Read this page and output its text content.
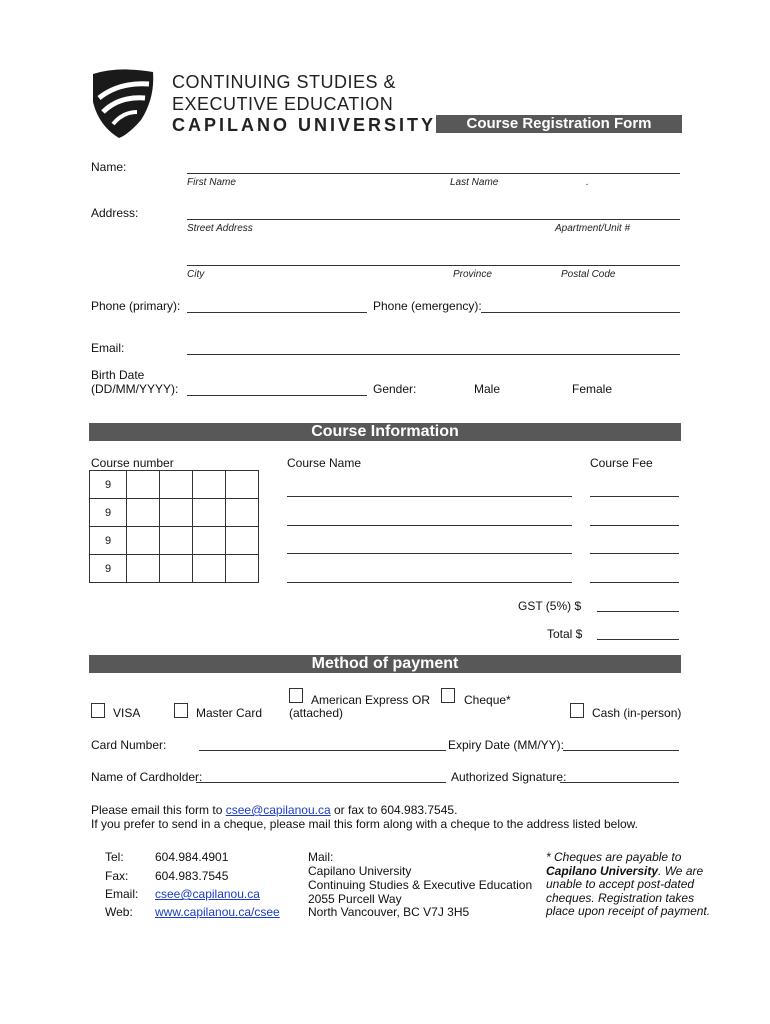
CONTINUING STUDIES &
EXECUTIVE EDUCATION
CAPILANO UNIVERSITY	Course Registration Form
Name:
First Name	Last Name	.
Address:
Street Address	Apartment/Unit #
City	Province	Postal Code
Phone (primary):	Phone (emergency):
Email:
Birth Date
(DD/MM/YYYY):	Gender:	Male	Female
Course Information
Course number	Course Name	Course Fee
9				
9				
9				
9				
GST (5%) $
Total $
Method of payment
VISA	Master Card
American Express OR
(attached)
Cheque*
Cash (in-person)
Card Number:	Expiry Date (MM/YY):
Name of Cardholder:	Authorized Signature:
Please email this form to csee@capilanou.ca or fax to 604.983.7545.
If you prefer to send in a cheque, please mail this form along with a cheque to the address listed below.
Tel:	604.984.4901
Fax: 604.983.7545
Email: csee@capilanou.ca
Web: www.capilanou.ca/csee
Mail:
Capilano University
Continuing Studies & Executive Education
2055 Purcell Way
North Vancouver, BC V7J 3H5
* Cheques are payable to
Capilano University. We are
unable to accept post-dated
cheques. Registration takes
place upon receipt of payment.
